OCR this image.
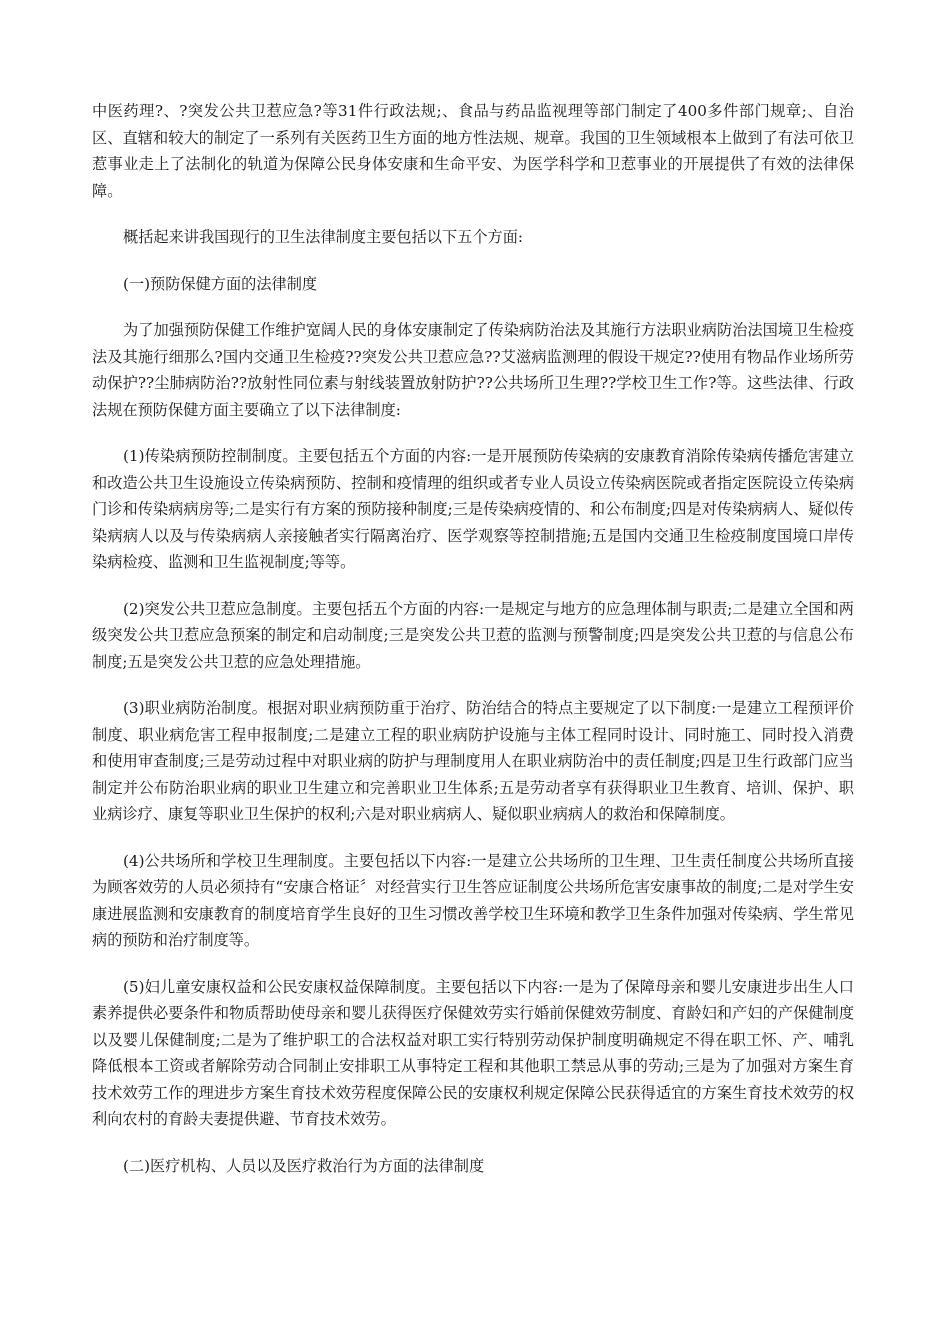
中医药理?、?突发公共卫惹应急?等31件行政法规;、食品与药品监视理等部门制定了400多件部门规章;、自治区、直辖和较大的制定了一系列有关医药卫生方面的地方性法规、规章。我国的卫生领域根本上做到了有法可依卫惹事业走上了法制化的轨道为保障公民身体安康和生命平安、为医学科学和卫惹事业的开展提供了有效的法律保障。

概括起来讲我国现行的卫生法律制度主要包括以下五个方面:

(一)预防保健方面的法律制度

为了加强预防保健工作维护宽阔人民的身体安康制定了传染病防治法及其施行方法职业病防治法国境卫生检疫法及其施行细那么?国内交通卫生检疫??突发公共卫惹应急??艾滋病监测理的假设干规定??使用有物品作业场所劳动保护??尘肺病防治??放射性同位素与射线装置放射防护??公共场所卫生理??学校卫生工作?等。这些法律、行政法规在预防保健方面主要确立了以下法律制度:

(1)传染病预防控制制度。主要包括五个方面的内容:一是开展预防传染病的安康教育消除传染病传播危害建立和改造公共卫生设施设立传染病预防、控制和疫情理的组织或者专业人员设立传染病医院或者指定医院设立传染病门诊和传染病病房等;二是实行有方案的预防接种制度;三是传染病疫情的、和公布制度;四是对传染病病人、疑似传染病病人以及与传染病病人亲接触者实行隔离治疗、医学观察等控制措施;五是国内交通卫生检疫制度国境口岸传染病检疫、监测和卫生监视制度;等等。

(2)突发公共卫惹应急制度。主要包括五个方面的内容:一是规定与地方的应急理体制与职责;二是建立全国和两级突发公共卫惹应急预案的制定和启动制度;三是突发公共卫惹的监测与预警制度;四是突发公共卫惹的与信息公布制度;五是突发公共卫惹的应急处理措施。

(3)职业病防治制度。根据对职业病预防重于治疗、防治结合的特点主要规定了以下制度:一是建立工程预评价制度、职业病危害工程申报制度;二是建立工程的职业病防护设施与主体工程同时设计、同时施工、同时投入消费和使用审查制度;三是劳动过程中对职业病的防护与理制度用人在职业病防治中的责任制度;四是卫生行政部门应当制定并公布防治职业病的职业卫生建立和完善职业卫生体系;五是劳动者享有获得职业卫生教育、培训、保护、职业病诊疗、康复等职业卫生保护的权利;六是对职业病病人、疑似职业病病人的救治和保障制度。

(4)公共场所和学校卫生理制度。主要包括以下内容:一是建立公共场所的卫生理、卫生责任制度公共场所直接为顾客效劳的人员必须持有“安康合格证〞对经营实行卫生答应证制度公共场所危害安康事故的制度;二是对学生安康进展监测和安康教育的制度培育学生良好的卫生习惯改善学校卫生环境和教学卫生条件加强对传染病、学生常见病的预防和治疗制度等。

(5)妇儿童安康权益和公民安康权益保障制度。主要包括以下内容:一是为了保障母亲和婴儿安康进步出生人口素养提供必要条件和物质帮助使母亲和婴儿获得医疗保健效劳实行婚前保健效劳制度、育龄妇和产妇的产保健制度以及婴儿保健制度;二是为了维护职工的合法权益对职工实行特别劳动保护制度明确规定不得在职工怀、产、哺乳降低根本工资或者解除劳动合同制止安排职工从事特定工程和其他职工禁忌从事的劳动;三是为了加强对方案生育技术效劳工作的理进步方案生育技术效劳程度保障公民的安康权利规定保障公民获得适宜的方案生育技术效劳的权利向农村的育龄夫妻提供避、节育技术效劳。

(二)医疗机构、人员以及医疗救治行为方面的法律制度
